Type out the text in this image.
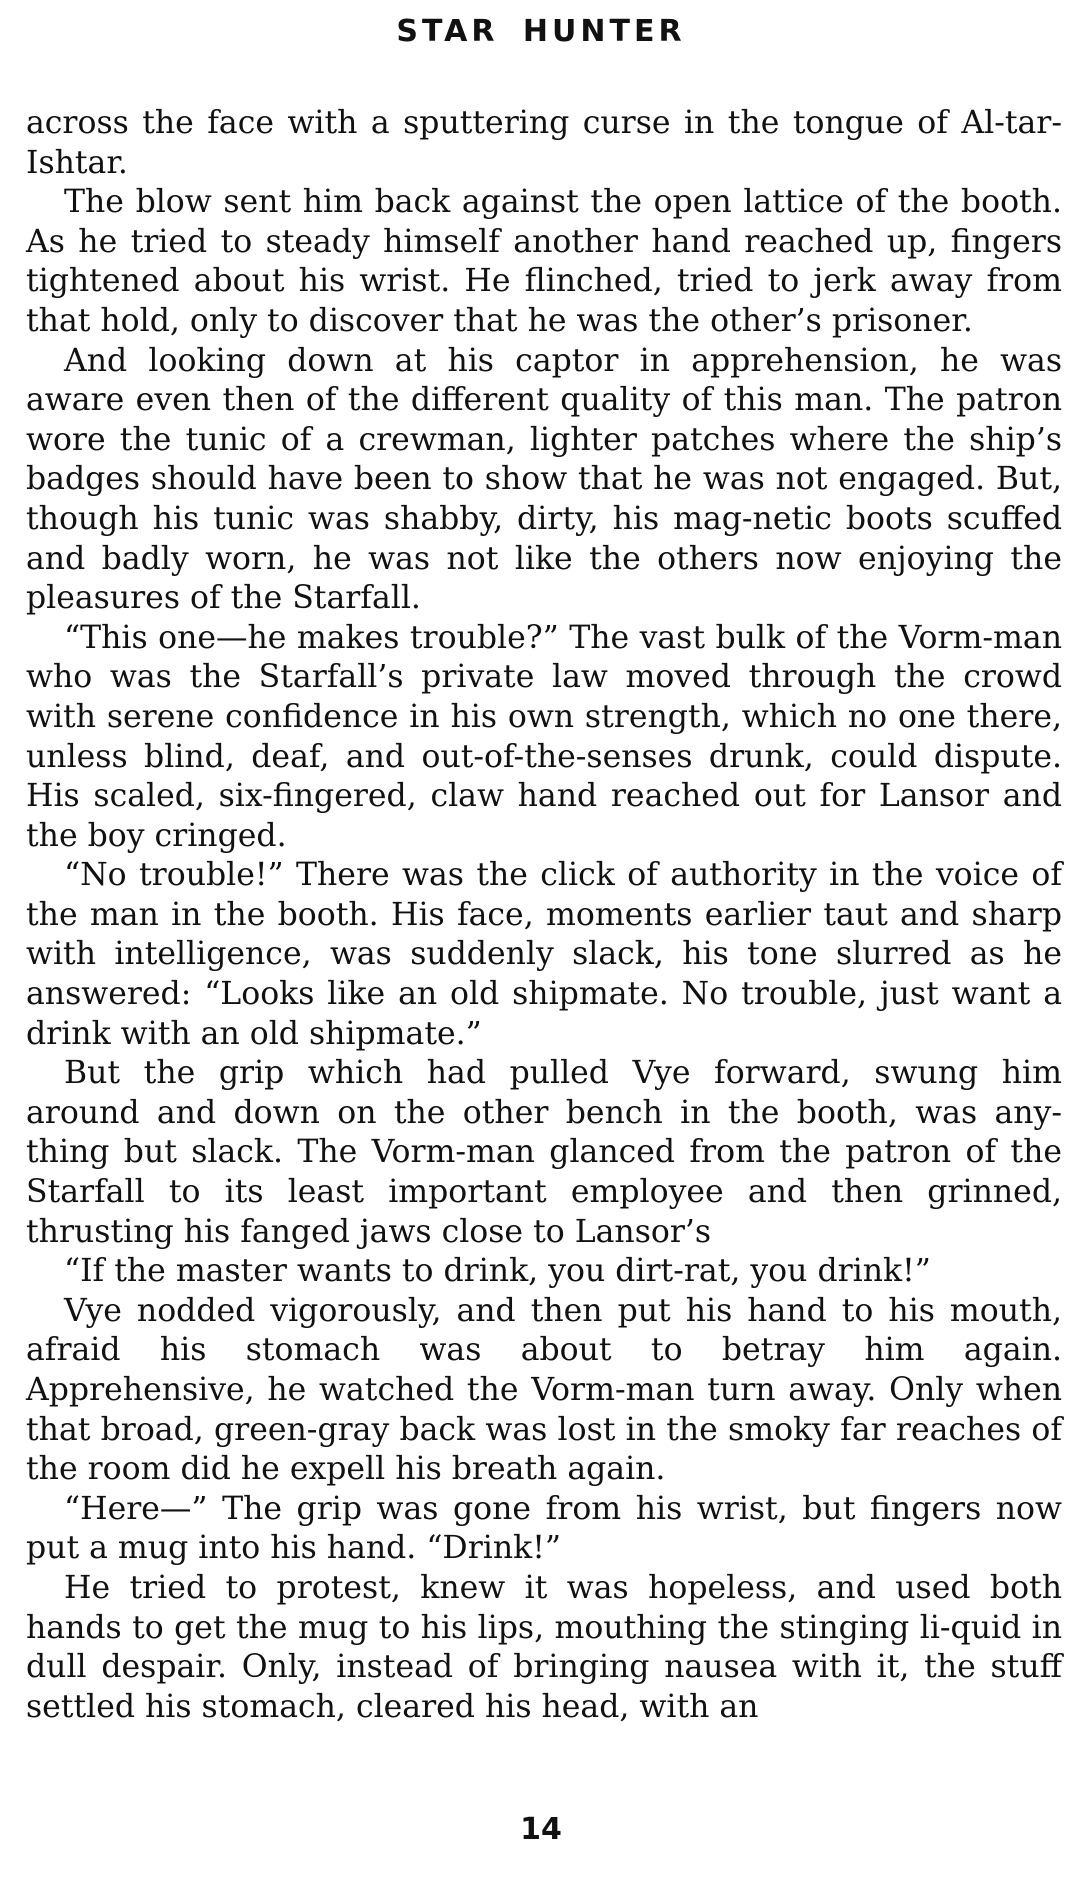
STAR HUNTER

across the face with a sputtering curse in the tongue of Al-tar-Ishtar.

The blow sent him back against the open lattice of the booth. As he tried to steady himself another hand reached up, fingers tightened about his wrist. He flinched, tried to jerk away from that hold, only to discover that he was the other’s prisoner.

And looking down at his captor in apprehension, he was aware even then of the different quality of this man. The patron wore the tunic of a crewman, lighter patches where the ship’s badges should have been to show that he was not engaged. But, though his tunic was shabby, dirty, his mag-netic boots scuffed and badly worn, he was not like the others now enjoying the pleasures of the Starfall.

“This one—he makes trouble?” The vast bulk of the Vorm-man who was the Starfall’s private law moved through the crowd with serene confidence in his own strength, which no one there, unless blind, deaf, and out-of-the-senses drunk, could dispute. His scaled, six-fingered, claw hand reached out for Lansor and the boy cringed.

“No trouble!” There was the click of authority in the voice of the man in the booth. His face, moments earlier taut and sharp with intelligence, was suddenly slack, his tone slurred as he answered: “Looks like an old shipmate. No trouble, just want a drink with an old shipmate.”

But the grip which had pulled Vye forward, swung him around and down on the other bench in the booth, was any-thing but slack. The Vorm-man glanced from the patron of the Starfall to its least important employee and then grinned, thrusting his fanged jaws close to Lansor’s

“If the master wants to drink, you dirt-rat, you drink!”

Vye nodded vigorously, and then put his hand to his mouth, afraid his stomach was about to betray him again. Apprehensive, he watched the Vorm-man turn away. Only when that broad, green-gray back was lost in the smoky far reaches of the room did he expell his breath again.

“Here—” The grip was gone from his wrist, but fingers now put a mug into his hand. “Drink!”

He tried to protest, knew it was hopeless, and used both hands to get the mug to his lips, mouthing the stinging li-quid in dull despair. Only, instead of bringing nausea with it, the stuff settled his stomach, cleared his head, with an

14
